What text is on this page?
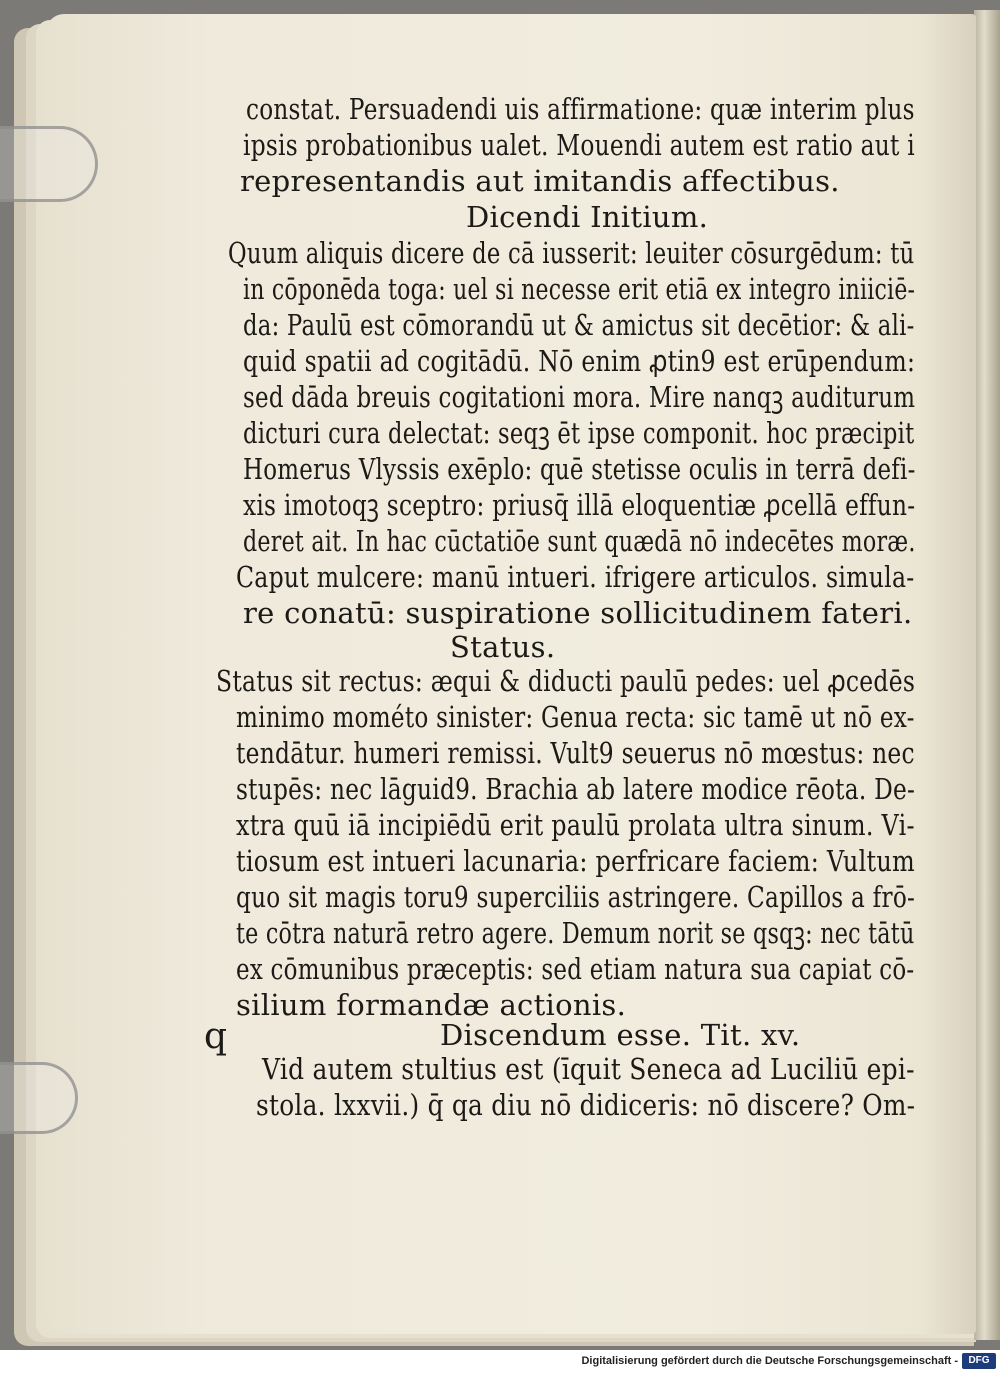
constat. Persuadendi uis affirmatione: quæ interim plus
ipsis probationibus ualet. Mouendi autem est ratio aut i
representandis aut imitandis affectibus.
Dicendi Initium.
Quum aliquis dicere de cā iusserit: leuiter cōsurgēdum: tū
in cōponēda toga: uel si necesse erit etiā ex integro iniiciē-
da: Paulū est cōmorandū ut & amictus sit decētior: & ali-
quid spatii ad cogitādū. Nō enim ꝓtin9 est erūpendum:
sed dāda breuis cogitationi mora. Mire nanqꝫ auditurum
dicturi cura delectat: seqꝫ ēt ipse componit. hoc præcipit
Homerus Vlyssis exēplo: quē stetisse oculis in terrā defi-
xis imotoqꝫ sceptro: priusq̄ illā eloquentiæ ꝓcellā effun-
deret ait. In hac cūctatiōe sunt quædā nō indecētes moræ.
Caput mulcere: manū intueri. ifrigere articulos. simula-
re conatū: suspiratione sollicitudinem fateri.
Status.
Status sit rectus: æqui & diducti paulū pedes: uel ꝓcedēs
minimo mométo sinister: Genua recta: sic tamē ut nō ex-
tendātur. humeri remissi. Vult9 seuerus nō mœstus: nec
stupēs: nec lāguid9. Brachia ab latere modice rēota. De-
xtra quū iā incipiēdū erit paulū prolata ultra sinum. Vi-
tiosum est intueri lacunaria: perfricare faciem: Vultum
quo sit magis toru9 superciliis astringere. Capillos a frō-
te cōtra naturā retro agere. Demum norit se qsqꝫ: nec tātū
ex cōmunibus præceptis: sed etiam natura sua capiat cō-
silium formandæ actionis.
Discendum esse. Tit. xv.
q
Vid autem stultius est (īquit Seneca ad Luciliū epi-
stola. lxxvii.) q̄ qa diu nō didiceris: nō discere? Om-
Digitalisierung gefördert durch die Deutsche Forschungsgemeinschaft -	DFG
